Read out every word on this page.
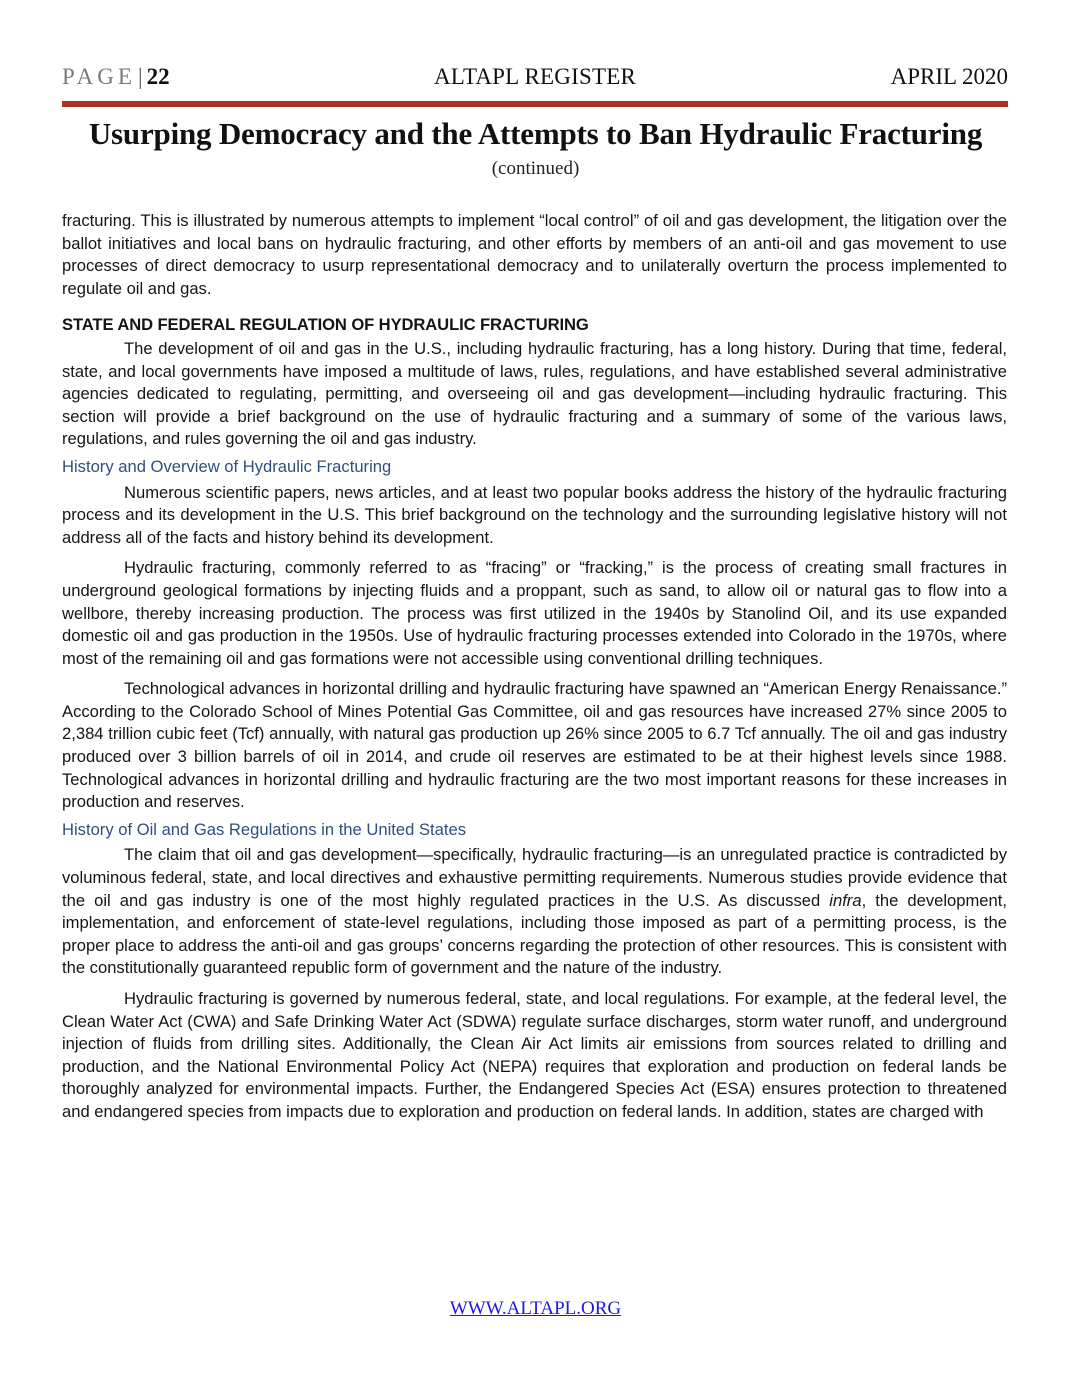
PAGE| 22	ALTAPL REGISTER	APRIL 2020
Usurping Democracy and the Attempts to Ban Hydraulic Fracturing
(continued)

fracturing. This is illustrated by numerous attempts to implement “local control” of oil and gas development, the litigation over the ballot initiatives and local bans on hydraulic fracturing, and other efforts by members of an anti-oil and gas movement to use processes of direct democracy to usurp representational democracy and to unilaterally overturn the process implemented to regulate oil and gas.

STATE AND FEDERAL REGULATION OF HYDRAULIC FRACTURING

The development of oil and gas in the U.S., including hydraulic fracturing, has a long history. During that time, federal, state, and local governments have imposed a multitude of laws, rules, regulations, and have established several administrative agencies dedicated to regulating, permitting, and overseeing oil and gas development—including hydraulic fracturing. This section will provide a brief background on the use of hydraulic fracturing and a summary of some of the various laws, regulations, and rules governing the oil and gas industry.

History and Overview of Hydraulic Fracturing

Numerous scientific papers, news articles, and at least two popular books address the history of the hydraulic fracturing process and its development in the U.S. This brief background on the technology and the surrounding legislative history will not address all of the facts and history behind its development.

Hydraulic fracturing, commonly referred to as “fracing” or “fracking,” is the process of creating small fractures in underground geological formations by injecting fluids and a proppant, such as sand, to allow oil or natural gas to flow into a wellbore, thereby increasing production. The process was first utilized in the 1940s by Stanolind Oil, and its use expanded domestic oil and gas production in the 1950s. Use of hydraulic fracturing processes extended into Colorado in the 1970s, where most of the remaining oil and gas formations were not accessible using conventional drilling techniques.

Technological advances in horizontal drilling and hydraulic fracturing have spawned an “American Energy Renaissance.” According to the Colorado School of Mines Potential Gas Committee, oil and gas resources have increased 27% since 2005 to 2,384 trillion cubic feet (Tcf) annually, with natural gas production up 26% since 2005 to 6.7 Tcf annually. The oil and gas industry produced over 3 billion barrels of oil in 2014, and crude oil reserves are estimated to be at their highest levels since 1988. Technological advances in horizontal drilling and hydraulic fracturing are the two most important reasons for these increases in production and reserves.

History of Oil and Gas Regulations in the United States

The claim that oil and gas development—specifically, hydraulic fracturing—is an unregulated practice is contradicted by voluminous federal, state, and local directives and exhaustive permitting requirements. Numerous studies provide evidence that the oil and gas industry is one of the most highly regulated practices in the U.S. As discussed infra, the development, implementation, and enforcement of state-level regulations, including those imposed as part of a permitting process, is the proper place to address the anti-oil and gas groups’ concerns regarding the protection of other resources. This is consistent with the constitutionally guaranteed republic form of government and the nature of the industry.

Hydraulic fracturing is governed by numerous federal, state, and local regulations. For example, at the federal level, the Clean Water Act (CWA) and Safe Drinking Water Act (SDWA) regulate surface discharges, storm water runoff, and underground injection of fluids from drilling sites. Additionally, the Clean Air Act limits air emissions from sources related to drilling and production, and the National Environmental Policy Act (NEPA) requires that exploration and production on federal lands be thoroughly analyzed for environmental impacts. Further, the Endangered Species Act (ESA) ensures protection to threatened and endangered species from impacts due to exploration and production on federal lands. In addition, states are charged with

WWW.ALTAPL.ORG
